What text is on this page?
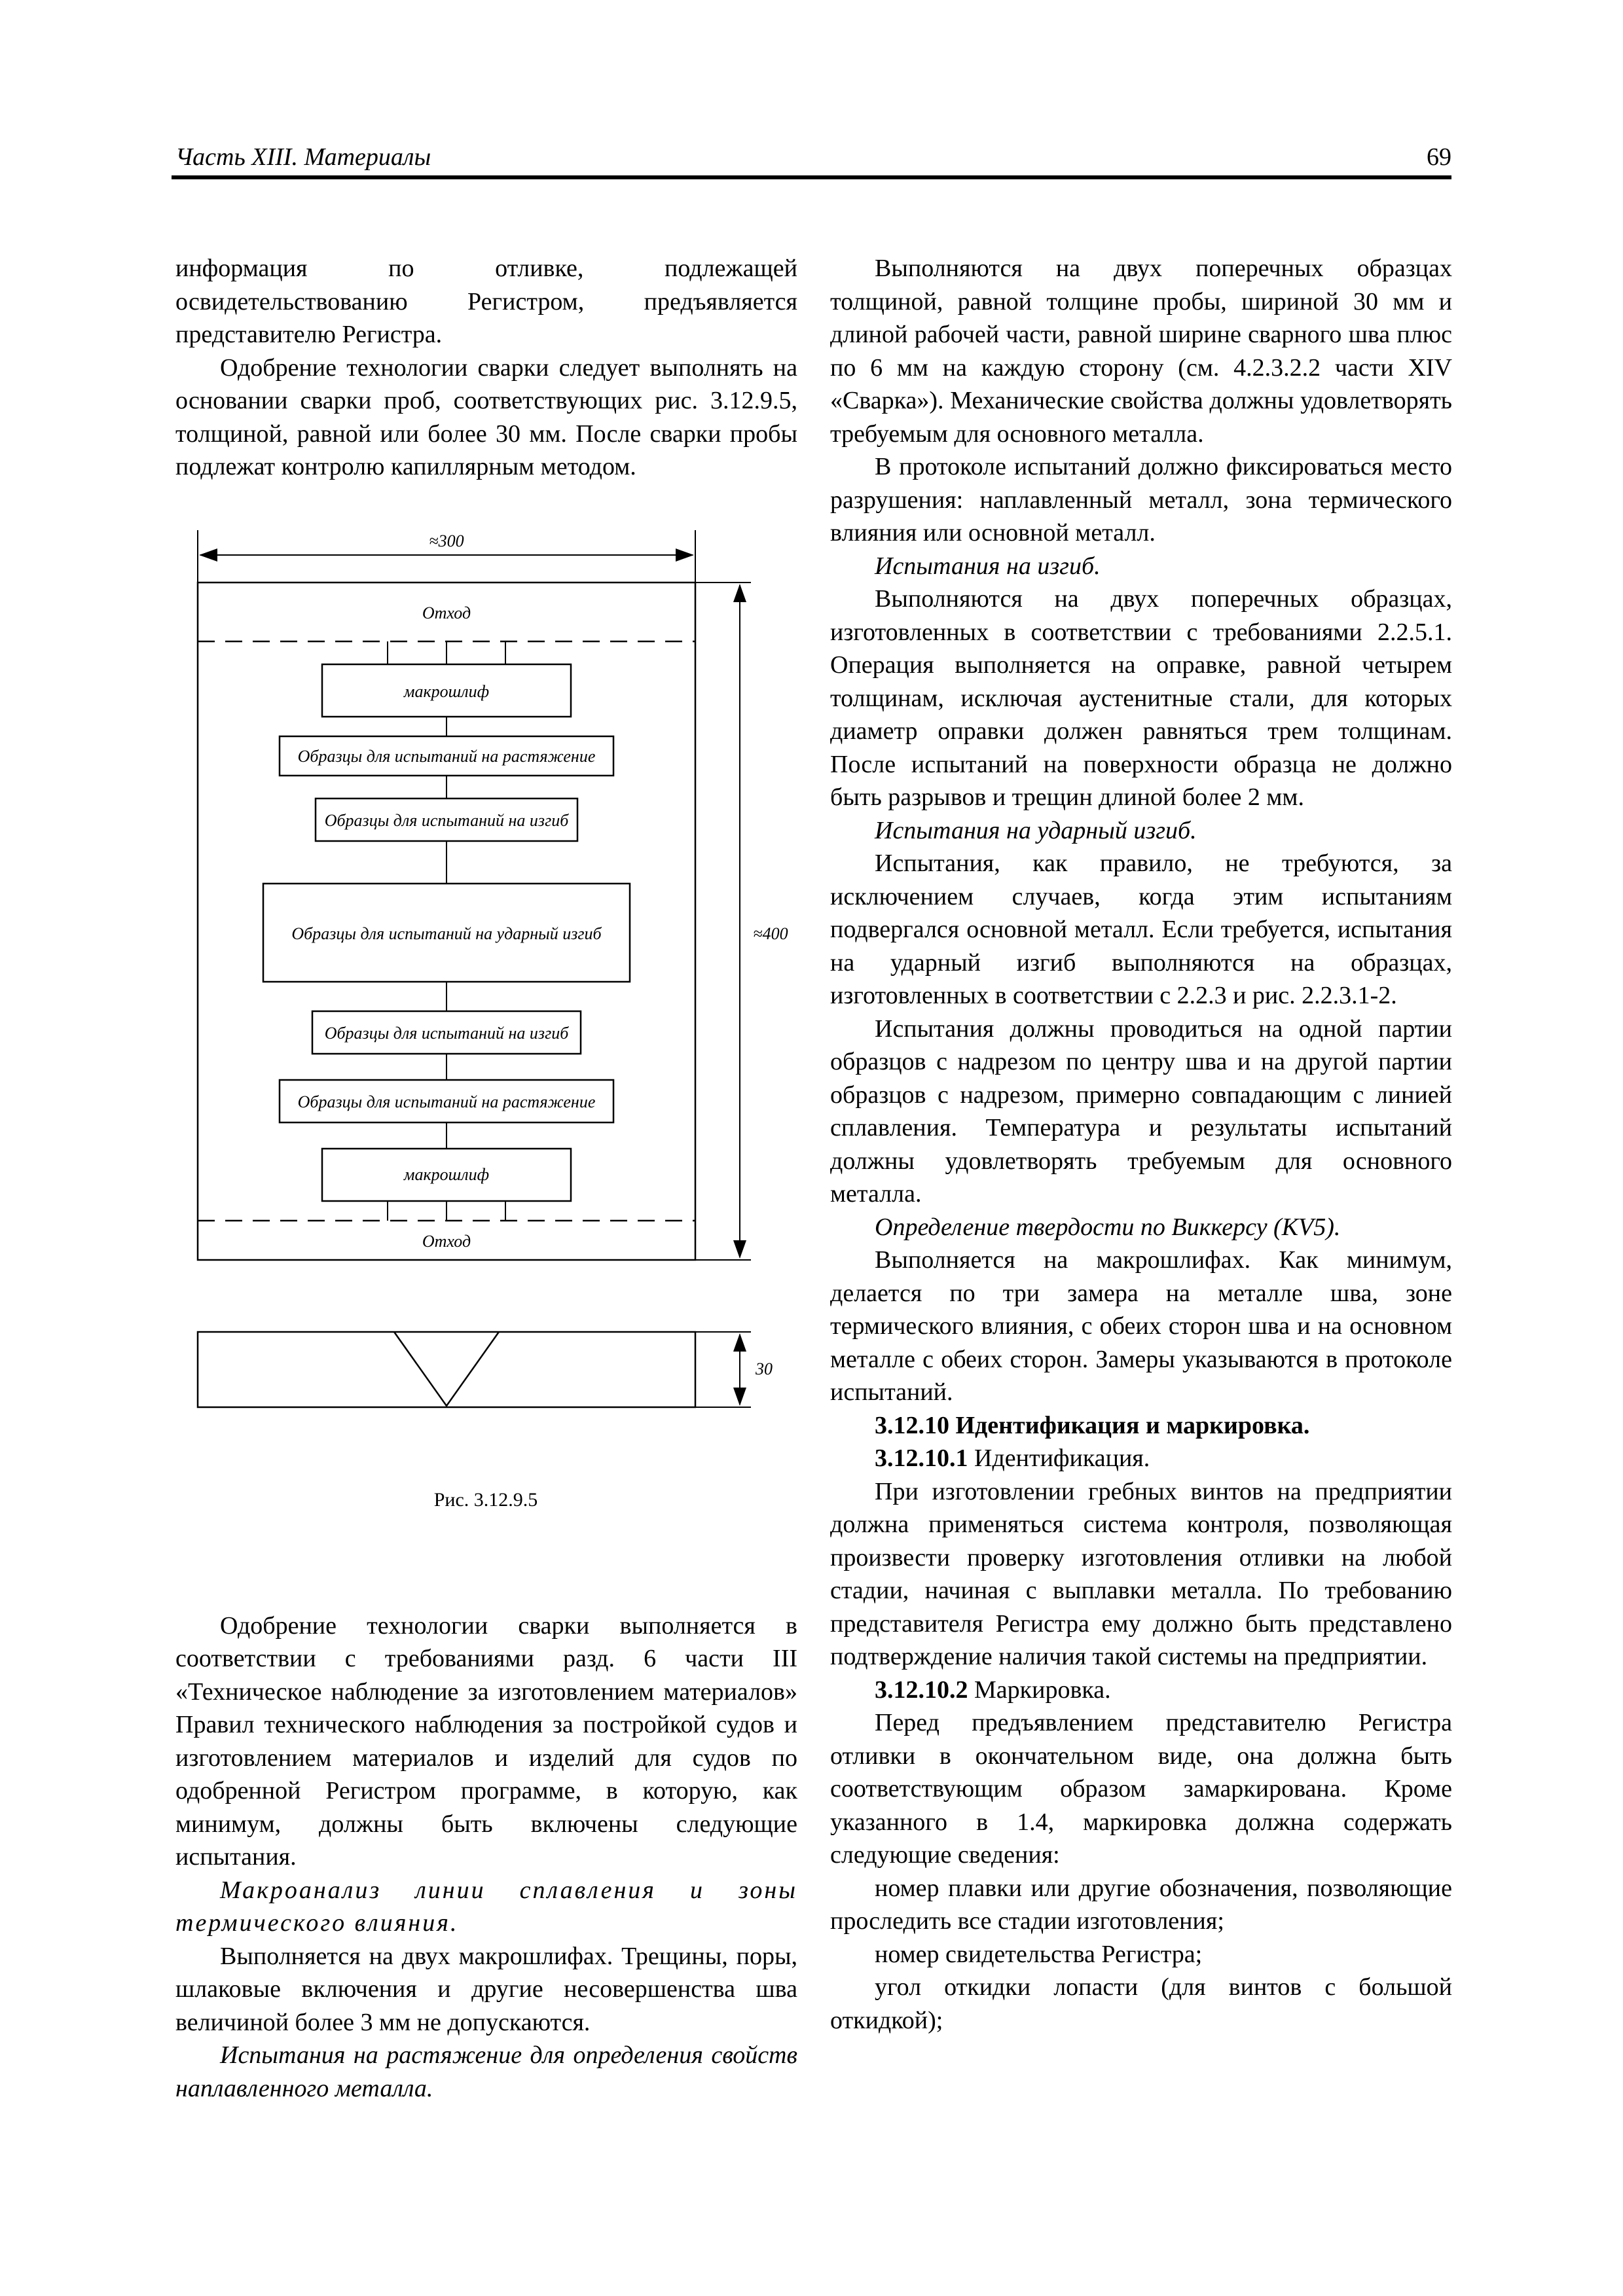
Часть XIII. Материалы	69

информация по отливке, подлежащей освидетельствованию Регистром, предъявляется представителю Регистра.

Одобрение технологии сварки следует выполнять на основании сварки проб, соответствующих рис. 3.12.9.5, толщиной, равной или более 30 мм. После сварки пробы подлежат контролю капиллярным методом.

Одобрение технологии сварки выполняется в соответствии с требованиями разд. 6 части III «Техническое наблюдение за изготовлением материалов» Правил технического наблюдения за постройкой судов и изготовлением материалов и изделий для судов по одобренной Регистром программе, в которую, как минимум, должны быть включены следующие испытания.

Макроанализ линии сплавления и зоны термического влияния.

Выполняется на двух макрошлифах. Трещины, поры, шлаковые включения и другие несовершенства шва величиной более 3 мм не допускаются.

Испытания на растяжение для определения свойств наплавленного металла.

≈300
≈400
Отход
макрошлиф
Образцы для испытаний на растяжение
Образцы для испытаний на изгиб
Образцы для испытаний на ударный изгиб
Образцы для испытаний на изгиб
Образцы для испытаний на растяжение
макрошлиф
Отход
30
Рис. 3.12.9.5

Выполняются на двух поперечных образцах толщиной, равной толщине пробы, шириной 30 мм и длиной рабочей части, равной ширине сварного шва плюс по 6 мм на каждую сторону (см. 4.2.3.2.2 части XIV «Сварка»). Механические свойства должны удовлетворять требуемым для основного металла.

В протоколе испытаний должно фиксироваться место разрушения: наплавленный металл, зона термического влияния или основной металл.

Испытания на изгиб.

Выполняются на двух поперечных образцах, изготовленных в соответствии с требованиями 2.2.5.1. Операция выполняется на оправке, равной четырем толщинам, исключая аустенитные стали, для которых диаметр оправки должен равняться трем толщинам. После испытаний на поверхности образца не должно быть разрывов и трещин длиной более 2 мм.

Испытания на ударный изгиб.

Испытания, как правило, не требуются, за исключением случаев, когда этим испытаниям подвергался основной металл. Если требуется, испытания на ударный изгиб выполняются на образцах, изготовленных в соответствии с 2.2.3 и рис. 2.2.3.1-2.

Испытания должны проводиться на одной партии образцов с надрезом по центру шва и на другой партии образцов с надрезом, примерно совпадающим с линией сплавления. Температура и результаты испытаний должны удовлетворять требуемым для основного металла.

Определение твердости по Виккерсу (KV5).

Выполняется на макрошлифах. Как минимум, делается по три замера на металле шва, зоне термического влияния, с обеих сторон шва и на основном металле с обеих сторон. Замеры указываются в протоколе испытаний.

3.12.10 Идентификация и маркировка.

3.12.10.1 Идентификация.

При изготовлении гребных винтов на предприятии должна применяться система контроля, позволяющая произвести проверку изготовления отливки на любой стадии, начиная с выплавки металла. По требованию представителя Регистра ему должно быть представлено подтверждение наличия такой системы на предприятии.

3.12.10.2 Маркировка.

Перед предъявлением представителю Регистра отливки в окончательном виде, она должна быть соответствующим образом замаркирована. Кроме указанного в 1.4, маркировка должна содержать следующие сведения:

номер плавки или другие обозначения, позволяющие проследить все стадии изготовления;

номер свидетельства Регистра;

угол откидки лопасти (для винтов с большой откидкой);
